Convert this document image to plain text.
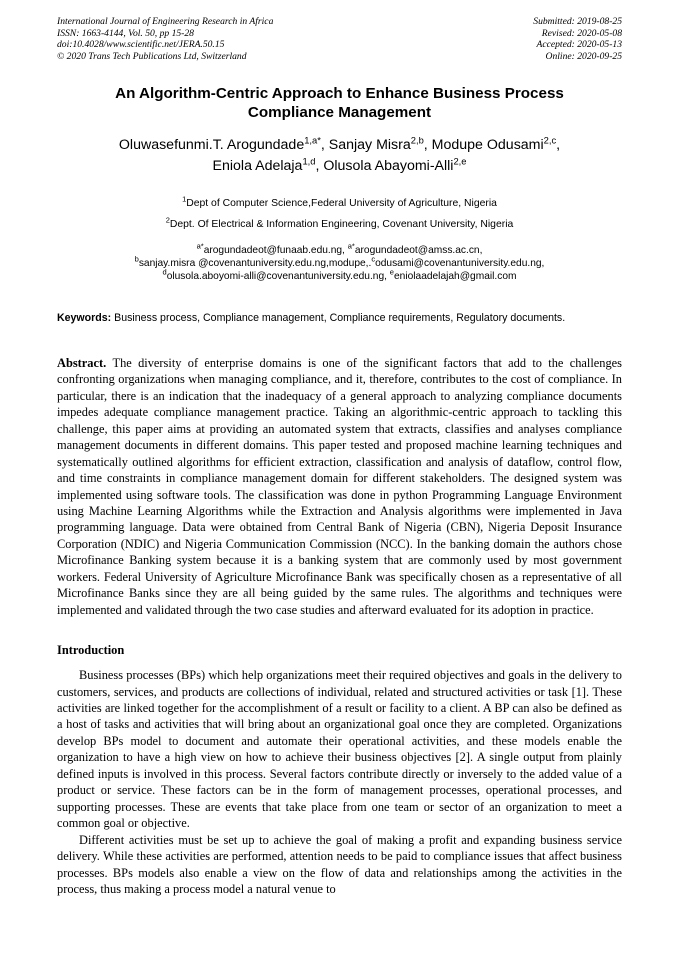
International Journal of Engineering Research in Africa
ISSN: 1663-4144, Vol. 50, pp 15-28
doi:10.4028/www.scientific.net/JERA.50.15
© 2020 Trans Tech Publications Ltd, Switzerland
Submitted: 2019-08-25
Revised: 2020-05-08
Accepted: 2020-05-13
Online: 2020-09-25
An Algorithm-Centric Approach to Enhance Business Process Compliance Management
Oluwasefunmi.T. Arogundade$^{1,a*}$, Sanjay Misra$^{2,b}$, Modupe Odusami$^{2,c}$,
Eniola Adelaja$^{1,d}$, Olusola Abayomi-Alli$^{2,e}$
$^1$Dept of Computer Science,Federal University of Agriculture, Nigeria
$^2$Dept. Of Electrical & Information Engineering, Covenant University, Nigeria
$^{a*}$arogundadeot@funaab.edu.ng, $^{a*}$arogundadeot@amss.ac.cn,
$^b$sanjay.misra @covenantuniversity.edu.ng,modupe,.$^c$odusami@covenantuniversity.edu.ng,
$^d$olusola.aboyomi-alli@covenantuniversity.edu.ng, $^e$eniolaadelajah@gmail.com
Keywords: Business process, Compliance management, Compliance requirements, Regulatory documents.
Abstract. The diversity of enterprise domains is one of the significant factors that add to the challenges confronting organizations when managing compliance, and it, therefore, contributes to the cost of compliance. In particular, there is an indication that the inadequacy of a general approach to analyzing compliance documents impedes adequate compliance management practice. Taking an algorithmic-centric approach to tackling this challenge, this paper aims at providing an automated system that extracts, classifies and analyses compliance management documents in different domains. This paper tested and proposed machine learning techniques and systematically outlined algorithms for efficient extraction, classification and analysis of dataflow, control flow, and time constraints in compliance management domain for different stakeholders. The designed system was implemented using software tools. The classification was done in python Programming Language Environment using Machine Learning Algorithms while the Extraction and Analysis algorithms were implemented in Java programming language. Data were obtained from Central Bank of Nigeria (CBN), Nigeria Deposit Insurance Corporation (NDIC) and Nigeria Communication Commission (NCC). In the banking domain the authors chose Microfinance Banking system because it is a banking system that are commonly used by most government workers. Federal University of Agriculture Microfinance Bank was specifically chosen as a representative of all Microfinance Banks since they are all being guided by the same rules. The algorithms and techniques were implemented and validated through the two case studies and afterward evaluated for its adoption in practice.
Introduction

Business processes (BPs) which help organizations meet their required objectives and goals in the delivery to customers, services, and products are collections of individual, related and structured activities or task [1]. These activities are linked together for the accomplishment of a result or facility to a client. A BP can also be defined as a host of tasks and activities that will bring about an organizational goal once they are completed. Organizations develop BPs model to document and automate their operational activities, and these models enable the organization to have a high view on how to achieve their business objectives [2]. A single output from plainly defined inputs is involved in this process. Several factors contribute directly or inversely to the added value of a product or service. These factors can be in the form of management processes, operational processes, and supporting processes. These are events that take place from one team or sector of an organization to meet a common goal or objective.

Different activities must be set up to achieve the goal of making a profit and expanding business service delivery. While these activities are performed, attention needs to be paid to compliance issues that affect business processes. BPs models also enable a view on the flow of data and relationships among the activities in the process, thus making a process model a natural venue to
